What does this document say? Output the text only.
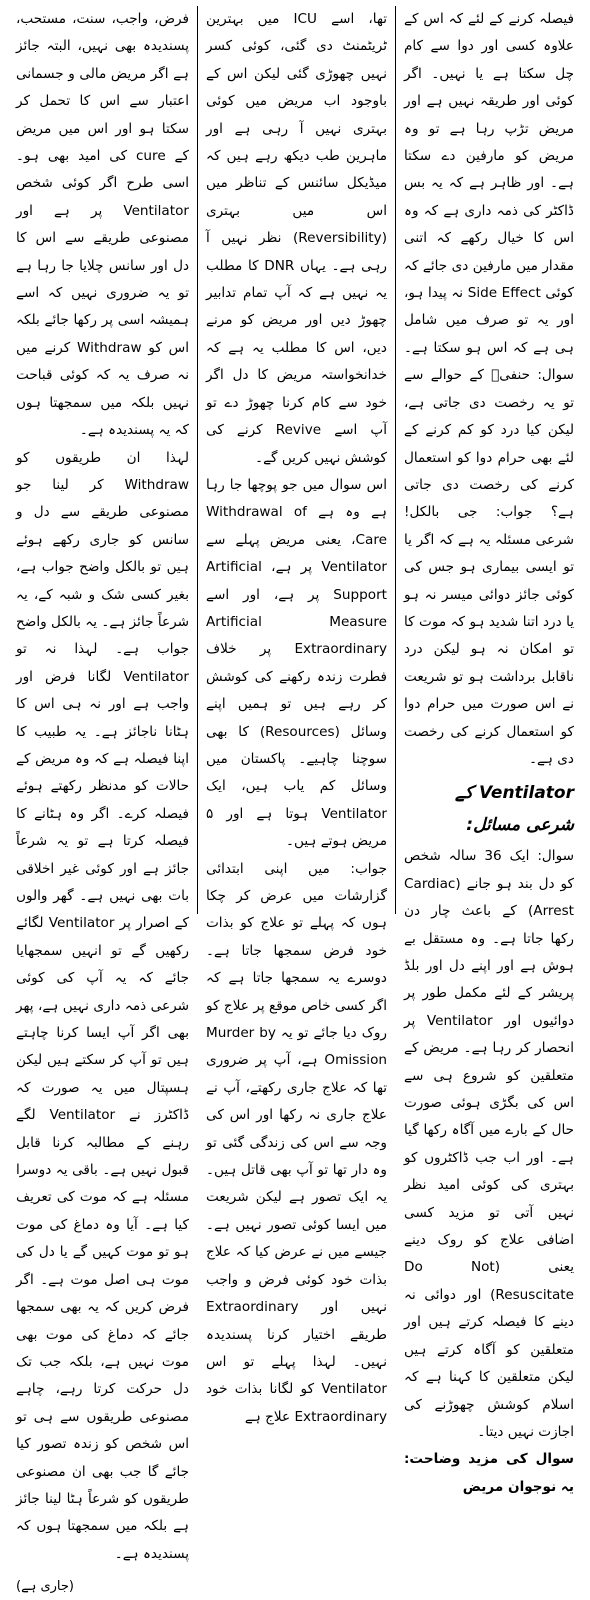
فیصلہ کرنے کے لئے کہ اس کے علاوہ کسی اور دوا سے کام چل سکتا ہے یا نہیں۔ اگر کوئی اور طریقہ نہیں ہے اور مریض تڑپ رہا ہے تو وہ مریض کو مارفین دے سکتا ہے۔ اور ظاہر ہے کہ یہ بس ڈاکٹر کی ذمہ داری ہے کہ وہ اس کا خیال رکھے کہ اتنی مقدار میں مارفین دی جائے کہ کوئی Side Effect نہ پیدا ہو، اور یہ تو صرف میں شامل ہی ہے کہ اس ہو سکتا ہے۔ سوال: حنفیؒ کے حوالے سے تو یہ رخصت دی جاتی ہے، لیکن کیا درد کو کم کرنے کے لئے بھی حرام دوا کو استعمال کرنے کی رخصت دی جاتی ہے؟ جواب: جی بالکل! شرعی مسئلہ یہ ہے کہ اگر یا تو ایسی بیماری ہو جس کی کوئی جائز دوائی میسر نہ ہو یا درد اتنا شدید ہو کہ موت کا تو امکان نہ ہو لیکن درد ناقابل برداشت ہو تو شریعت نے اس صورت میں حرام دوا کو استعمال کرنے کی رخصت دی ہے۔

Ventilator کے شرعی مسائل:

سوال: ایک 36 سالہ شخص کو دل بند ہو جانے (Cardiac Arrest) کے باعث چار دن رکھا جاتا ہے۔ وہ مستقل بے ہوش ہے اور اپنے دل اور بلڈ پریشر کے لئے مکمل طور پر دوائیوں اور Ventilator پر انحصار کر رہا ہے۔ مریض کے متعلقین کو شروع ہی سے اس کی بگڑی ہوئی صورت حال کے بارے میں آگاہ رکھا گیا ہے۔ اور اب جب ڈاکٹروں کو بہتری کی کوئی امید نظر نہیں آتی تو مزید کسی اضافی علاج کو روک دینے یعنی (Do Not Resuscitate) اور دوائی نہ دینے کا فیصلہ کرتے ہیں اور متعلقین کو آگاہ کرتے ہیں لیکن متعلقین کا کہنا ہے کہ اسلام کوشش چھوڑنے کی اجازت نہیں دیتا۔

سوال کی مزید وضاحت: یہ نوجوان مریض

تھا، اسے ICU میں بہترین ٹریٹمنٹ دی گئی، کوئی کسر نہیں چھوڑی گئی لیکن اس کے باوجود اب مریض میں کوئی بہتری نہیں آ رہی ہے اور ماہرین طب دیکھ رہے ہیں کہ میڈیکل سائنس کے تناظر میں اس میں بہتری (Reversibility) نظر نہیں آ رہی ہے۔ یہاں DNR کا مطلب یہ نہیں ہے کہ آپ تمام تدابیر چھوڑ دیں اور مریض کو مرنے دیں، اس کا مطلب یہ ہے کہ خدانخواستہ مریض کا دل اگر خود سے کام کرنا چھوڑ دے تو آپ اسے Revive کرنے کی کوشش نہیں کریں گے۔

اس سوال میں جو پوچھا جا رہا ہے وہ ہے Withdrawal of Care، یعنی مریض پہلے سے Ventilator پر ہے، Artificial Support پر ہے، اور اسے Artificial Measure Extraordinary پر خلاف فطرت زندہ رکھنے کی کوشش کر رہے ہیں تو ہمیں اپنے وسائل (Resources) کا بھی سوچنا چاہیے۔ پاکستان میں وسائل کم یاب ہیں، ایک Ventilator ہوتا ہے اور ۵ مریض ہوتے ہیں۔

جواب: میں اپنی ابتدائی گزارشات میں عرض کر چکا ہوں کہ پہلے تو علاج کو بذات خود فرض سمجھا جاتا ہے۔ دوسرے یہ سمجھا جاتا ہے کہ اگر کسی خاص موقع پر علاج کو روک دیا جائے تو یہ Murder by Omission ہے، آپ پر ضروری تھا کہ علاج جاری رکھتے، آپ نے علاج جاری نہ رکھا اور اس کی وجہ سے اس کی زندگی گئی تو وہ دار تھا تو آپ بھی قاتل ہیں۔ یہ ایک تصور ہے لیکن شریعت میں ایسا کوئی تصور نہیں ہے۔ جیسے میں نے عرض کیا کہ علاج بذات خود کوئی فرض و واجب نہیں اور Extraordinary طریقے اختیار کرنا پسندیدہ نہیں۔ لہذا پہلے تو اس Ventilator کو لگانا بذات خود Extraordinary علاج ہے

فرض، واجب، سنت، مستحب، پسندیدہ بھی نہیں، البتہ جائز ہے اگر مریض مالی و جسمانی اعتبار سے اس کا تحمل کر سکتا ہو اور اس میں مریض کے cure کی امید بھی ہو۔ اسی طرح اگر کوئی شخص Ventilator پر ہے اور مصنوعی طریقے سے اس کا دل اور سانس چلایا جا رہا ہے تو یہ ضروری نہیں کہ اسے ہمیشہ اسی پر رکھا جائے بلکہ اس کو Withdraw کرنے میں نہ صرف یہ کہ کوئی قباحت نہیں بلکہ میں سمجھتا ہوں کہ یہ پسندیدہ ہے۔

لہذا ان طریقوں کو Withdraw کر لینا جو مصنوعی طریقے سے دل و سانس کو جاری رکھے ہوئے ہیں تو بالکل واضح جواب ہے، بغیر کسی شک و شبہ کے، یہ شرعاً جائز ہے۔ یہ بالکل واضح جواب ہے۔ لہذا نہ تو Ventilator لگانا فرض اور واجب ہے اور نہ ہی اس کا ہٹانا ناجائز ہے۔ یہ طبیب کا اپنا فیصلہ ہے کہ وہ مریض کے حالات کو مدنظر رکھتے ہوئے فیصلہ کرے۔ اگر وہ ہٹانے کا فیصلہ کرتا ہے تو یہ شرعاً جائز ہے اور کوئی غیر اخلاقی بات بھی نہیں ہے۔ گھر والوں کے اصرار پر Ventilator لگائے رکھیں گے تو انہیں سمجھایا جائے کہ یہ آپ کی کوئی شرعی ذمہ داری نہیں ہے، پھر بھی اگر آپ ایسا کرنا چاہتے ہیں تو آپ کر سکتے ہیں لیکن ہسپتال میں یہ صورت کہ ڈاکٹرز نے Ventilator لگے رہنے کے مطالبہ کرنا قابل قبول نہیں ہے۔ باقی یہ دوسرا مسئلہ ہے کہ موت کی تعریف کیا ہے۔ آیا وہ دماغ کی موت ہو تو موت کہیں گے یا دل کی موت ہی اصل موت ہے۔ اگر فرض کریں کہ یہ بھی سمجھا جائے کہ دماغ کی موت بھی موت نہیں ہے، بلکہ جب تک دل حرکت کرتا رہے، چاہے مصنوعی طریقوں سے ہی تو اس شخص کو زندہ تصور کیا جائے گا جب بھی ان مصنوعی طریقوں کو شرعاً ہٹا لینا جائز ہے بلکہ میں سمجھتا ہوں کہ پسندیدہ ہے۔

(جاری ہے)
